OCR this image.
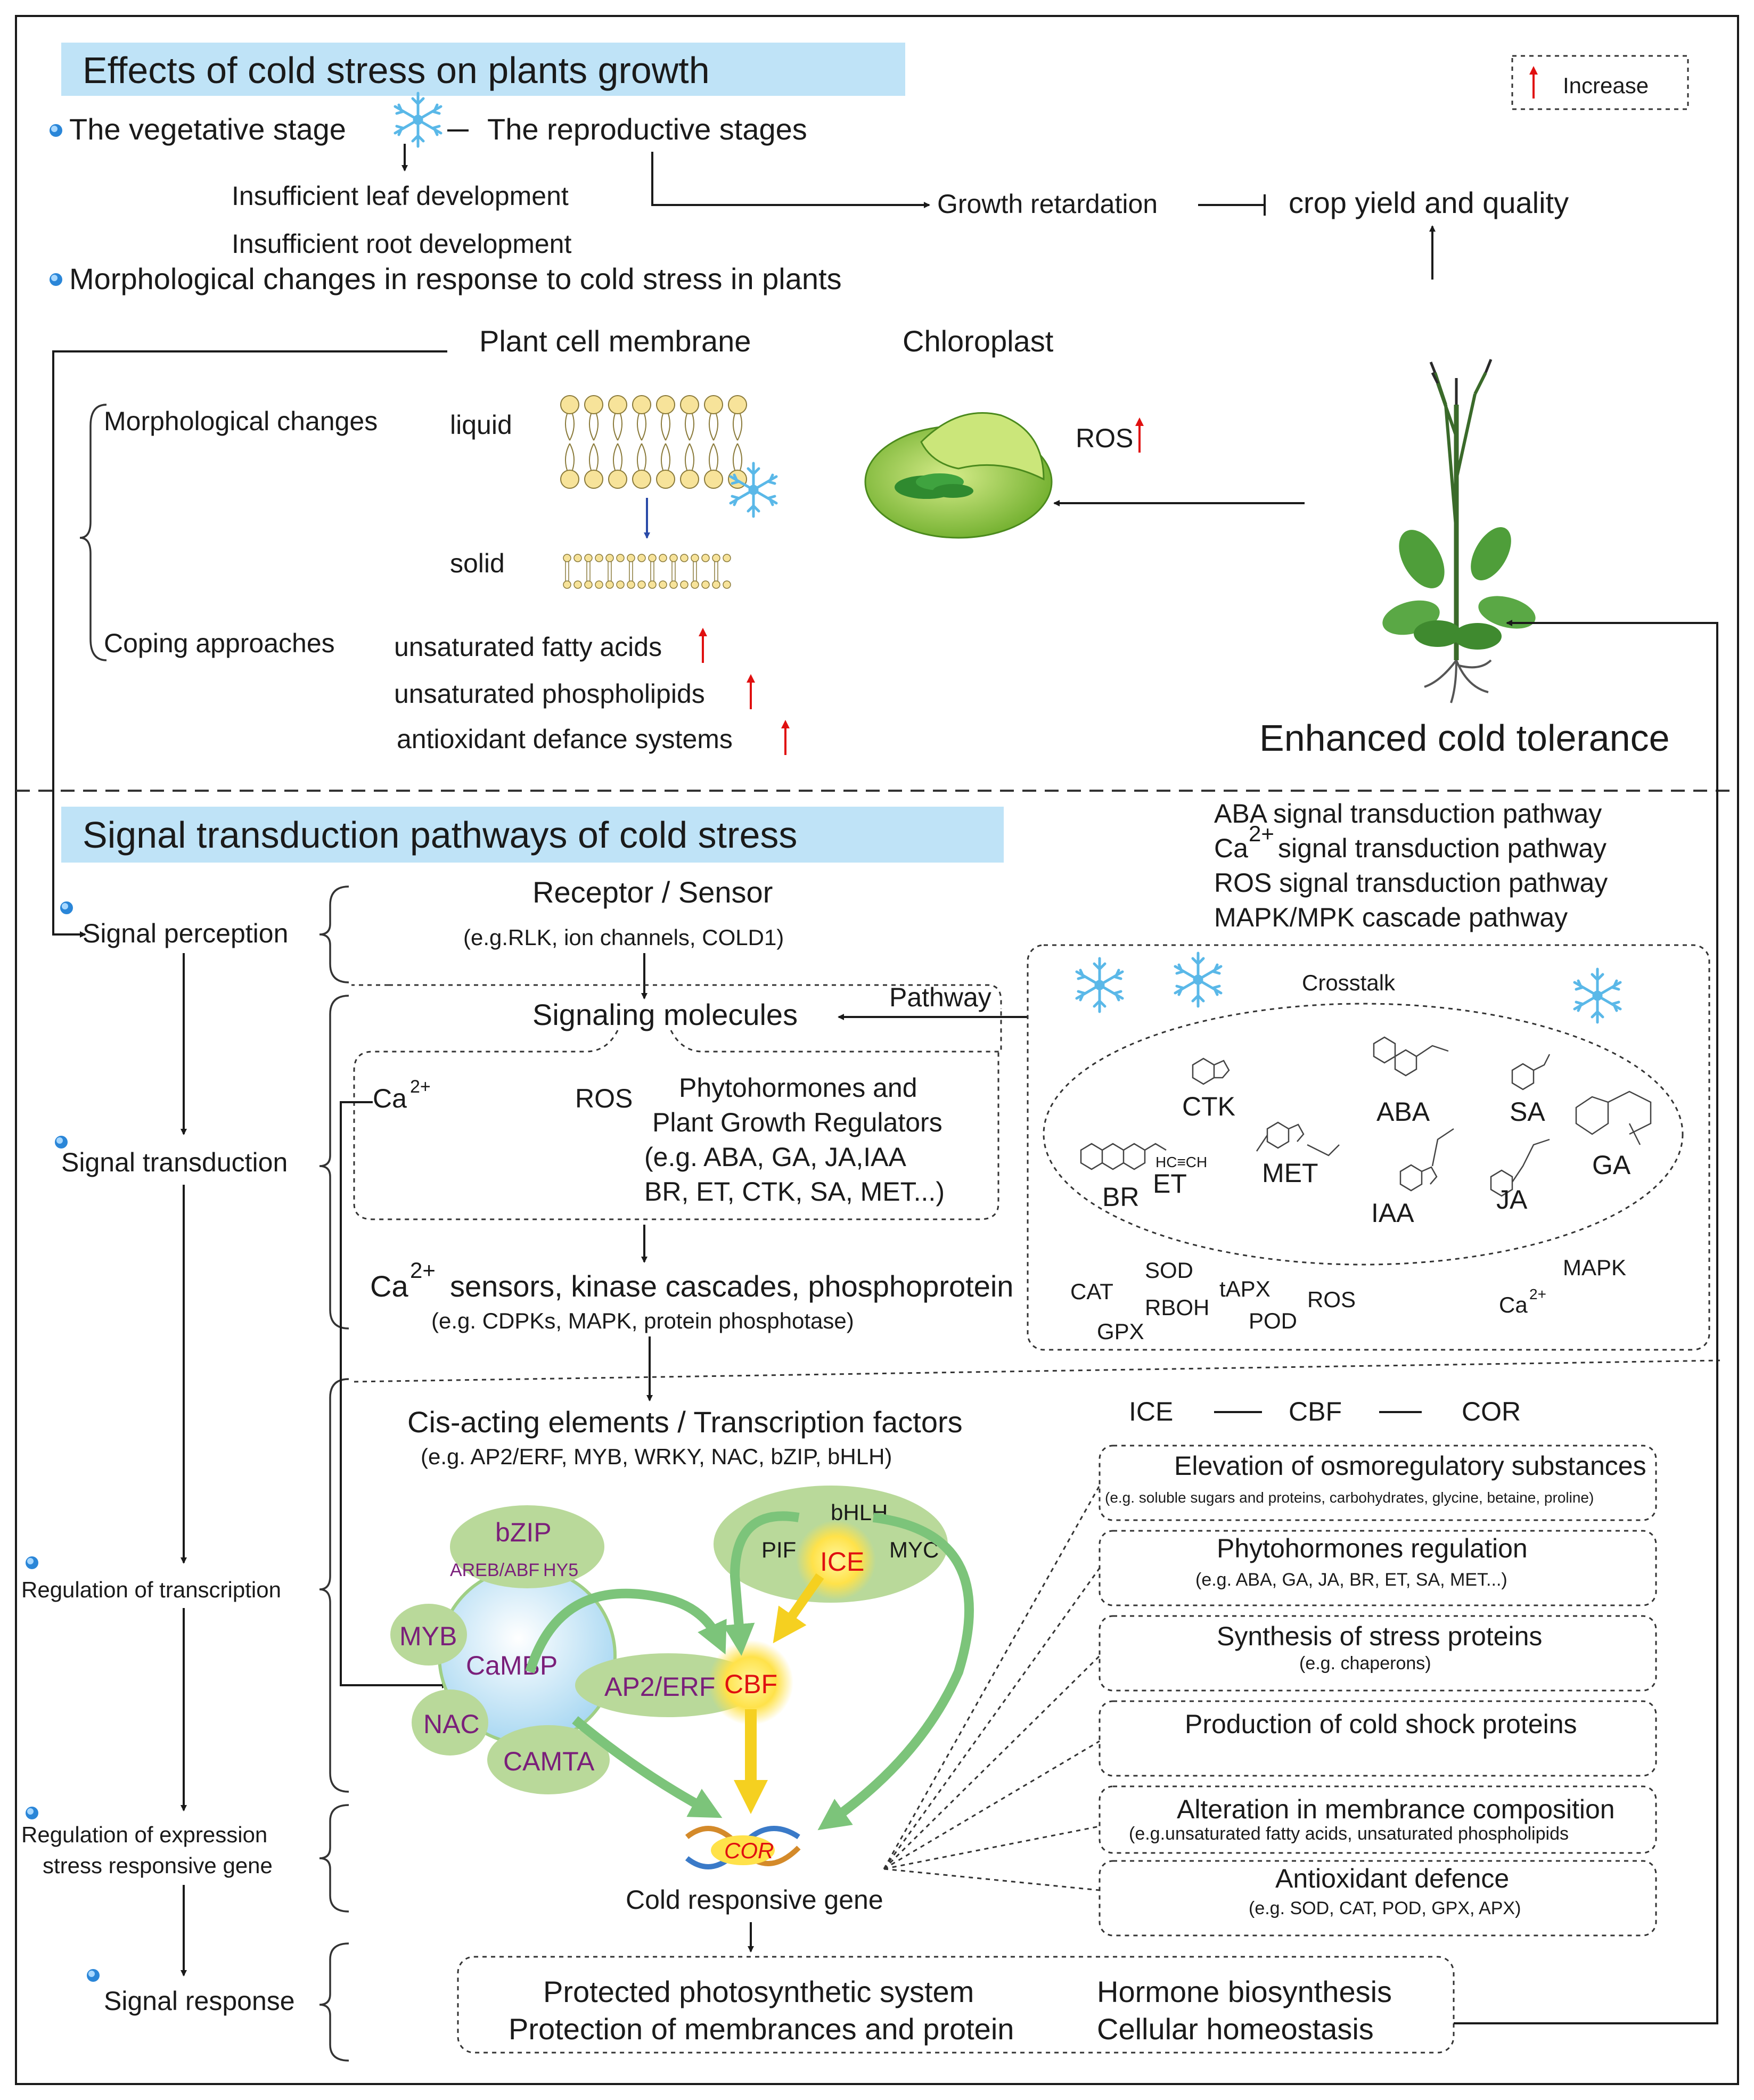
Effects of cold stress on plants growth	Increase
The vegetative stage	The reproductive stages
Insufficient leaf development
Insufficient root development
Growth retardation	crop yield and quality
Morphological changes in response to cold stress in plants
Plant cell membrane	Chloroplast
Morphological changes	liquid
solid
ROS
Coping approaches unsaturated fatty acids
unsaturated phospholipids
antioxidant defance systems	Enhanced cold tolerance
Signal transduction pathways of cold stress
ABA signal transduction pathway
Ca 2+ signal transduction pathway
ROS signal transduction pathway
MAPK/MPK cascade pathway
Signal perception
Signal transduction
Regulation of transcription
Regulation of expression
stress responsive gene
Signal response
Receptor / Sensor
(e.g.RLK, ion channels, COLD1)
Signaling molecules
Pathway
Ca 2+	ROS Phytohormones and
Plant Growth Regulators
(e.g. ABA, GA, JA,IAA
BR, ET, CTK, SA, MET...)
Ca 2+ sensors, kinase cascades, phosphoprotein
(e.g. CDPKs, MAPK, protein phosphotase)
Crosstalk
CTK	ABA	SA
MET
BR ET
HC≡CH
IAA	JA
GA
SOD
CAT	tAPX
RBOH
GPX	POD
ROS
MAPK
Ca 2+
Cis-acting elements / Transcription factors
(e.g. AP2/ERF, MYB, WRKY, NAC, bZIP, bHLH)
ICE	CBF	COR
bZIP
AREB/ABF HY5
MYB
CaMBP
NAC
CAMTA
AP2/ERF CBF
bHLH
PIF ICE MYC
COR
Cold responsive gene
Elevation of osmoregulatory substances
(e.g. soluble sugars and proteins, carbohydrates, glycine, betaine, proline)
Phytohormones regulation
(e.g. ABA, GA, JA, BR, ET, SA, MET...)
Synthesis of stress proteins
(e.g. chaperons)
Production of cold shock proteins
Alteration in membrance composition
(e.g.unsaturated fatty acids, unsaturated phospholipids
Antioxidant defence
(e.g. SOD, CAT, POD, GPX, APX)
Protected photosynthetic system	Hormone biosynthesis
Protection of membrances and protein	Cellular homeostasis
